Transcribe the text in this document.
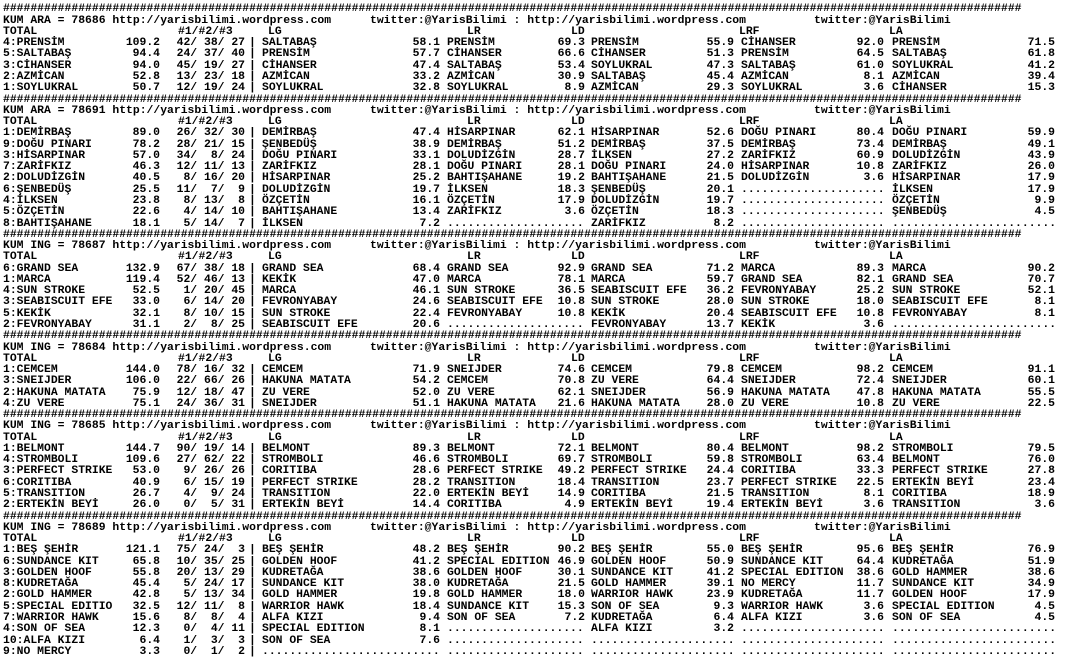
#####################################################################################################################################################
KUM ARA = 78686 http://yarisbilimi.wordpress.com	twitter:@YarisBilimi : http://yarisbilimi.wordpress.com	twitter:@YarisBilimi
TOTAL	#1/#2/#3	LG	LR	LD	LRF	LA
4:PRENSİM	109.2 42/ 38/ 27 | SALTABAŞ	58.1 PRENSİM	69.3 PRENSİM	55.9 CİHANSER	92.0 PRENSİM	71.5
5:SALTABAŞ	94.4 24/ 37/ 40 | PRENSİM	57.7 CİHANSER	66.6 CİHANSER	51.3 PRENSİM	64.5 SALTABAŞ	61.8
3:CİHANSER	94.0 45/ 19/ 27 | CİHANSER	47.4 SALTABAŞ	53.4 SOYLUKRAL	47.3 SALTABAŞ	61.0 SOYLUKRAL	41.2
2:AZMİCAN	52.8 13/ 23/ 18 | AZMİCAN	33.2 AZMİCAN	30.9 SALTABAŞ	45.4 AZMİCAN	8.1 AZMİCAN	39.4
1:SOYLUKRAL	50.7 12/ 19/ 24 | SOYLUKRAL	32.8 SOYLUKRAL	8.9 AZMİCAN	29.3 SOYLUKRAL	3.6 CİHANSER	15.3
#####################################################################################################################################################
KUM ARA = 78691 http://yarisbilimi.wordpress.com	twitter:@YarisBilimi : http://yarisbilimi.wordpress.com	twitter:@YarisBilimi
TOTAL	#1/#2/#3	LG	LR	LD	LRF	LA
1:DEMİRBAŞ	89.0 26/ 32/ 30 | DEMİRBAŞ	47.4 HİSARPINAR	62.1 HİSARPINAR	52.6 DOĞU PINARI	80.4 DOĞU PINARI	59.9
9:DOĞU PINARI	78.2 28/ 21/ 15 | ŞENBEDÜŞ	38.9 DEMİRBAŞ	51.2 DEMİRBAŞ	37.5 DEMİRBAŞ	73.4 DEMİRBAŞ	49.1
3:HİSARPINAR	57.0 34/  8/ 24 | DOĞU PINARI	33.1 DOLUDİZGİN	28.7 İLKSEN	27.2 ZARİFKIZ	60.9 DOLUDİZGİN	43.9
7:ZARİFKIZ	46.3 12/ 11/ 13 | ZARİFKIZ	28.1 DOĞU PINARI	28.1 DOĞU PINARI	24.0 HİSARPINAR	10.8 ZARİFKIZ	26.0
2:DOLUDİZGİN	40.5 8/ 16/ 20 | HİSARPINAR	25.2 BAHTIŞAHANE	19.2 BAHTIŞAHANE	21.5 DOLUDİZGİN	3.6 HİSARPINAR	17.9
6:ŞENBEDÜŞ	25.5 11/  7/  9 | DOLUDİZGİN	19.7 İLKSEN	18.3 ŞENBEDÜŞ	20.1 ..................... İLKSEN	17.9
4:İLKSEN	23.8 8/ 13/  8 | ÖZÇETİN	16.1 ÖZÇETİN	17.9 DOLUDİZGİN	19.7 ..................... ÖZÇETİN	9.9
5:ÖZÇETİN	22.6 4/ 14/ 10 | BAHTIŞAHANE	13.4 ZARİFKIZ	3.6 ÖZÇETİN	18.3 ..................... ŞENBEDÜŞ	4.5
8:BAHTIŞAHANE	18.1 5/ 14/  7 | İLKSEN	7.2 .................... ZARİFKIZ	8.2 ..................... ........................
#####################################################################################################################################################
KUM ING = 78687 http://yarisbilimi.wordpress.com	twitter:@YarisBilimi : http://yarisbilimi.wordpress.com	twitter:@YarisBilimi
TOTAL	#1/#2/#3	LG	LR	LD	LRF	LA
6:GRAND SEA	132.9 67/ 38/ 18 | GRAND SEA	68.4 GRAND SEA	92.9 GRAND SEA	71.2 MARCA	89.3 MARCA	90.2
1:MARCA	119.4 52/ 46/ 13 | KEKİK	47.0 MARCA	78.1 MARCA	59.7 GRAND SEA	82.1 GRAND SEA	70.7
4:SUN STROKE	52.5 1/ 20/ 45 | MARCA	46.1 SUN STROKE	36.5 SEABISCUIT EFE 36.2 FEVRONYABAY	25.2 SUN STROKE	52.1
3:SEABISCUIT EFE 33.0 6/ 14/ 20 | FEVRONYABAY	24.6 SEABISCUIT EFE 10.8 SUN STROKE	28.0 SUN STROKE	18.0 SEABISCUIT EFE	8.1
5:KEKİK	32.1 8/ 10/ 15 | SUN STROKE	22.4 FEVRONYABAY	10.8 KEKİK	20.4 SEABISCUIT EFE 10.8 FEVRONYABAY	8.1
2:FEVRONYABAY	31.1 2/  8/ 25 | SEABISCUIT EFE	20.6 .................... FEVRONYABAY	13.7 KEKİK	3.6 ........................
#####################################################################################################################################################
KUM ING = 78684 http://yarisbilimi.wordpress.com	twitter:@YarisBilimi : http://yarisbilimi.wordpress.com	twitter:@YarisBilimi
TOTAL	#1/#2/#3	LG	LR	LD	LRF	LA
1:CEMCEM	144.0 78/ 16/ 32 | CEMCEM	71.9 SNEIJDER	74.6 CEMCEM	79.8 CEMCEM	98.2 CEMCEM	91.1
3:SNEIJDER	106.0 22/ 66/ 26 | HAKUNA MATATA	54.2 CEMCEM	70.8 ZU VERE	64.4 SNEIJDER	72.4 SNEIJDER	60.1
2:HAKUNA MATATA 75.9 12/ 18/ 47 | ZU VERE	52.0 ZU VERE	62.1 SNEIJDER	56.9 HAKUNA MATATA 47.8 HAKUNA MATATA	55.5
4:ZU VERE	75.1 24/ 36/ 31 | SNEIJDER	51.1 HAKUNA MATATA 21.6 HAKUNA MATATA 28.0 ZU VERE	10.8 ZU VERE	22.5
#####################################################################################################################################################
KUM ING = 78685 http://yarisbilimi.wordpress.com	twitter:@YarisBilimi : http://yarisbilimi.wordpress.com	twitter:@YarisBilimi
TOTAL	#1/#2/#3	LG	LR	LD	LRF	LA
1:BELMONT	144.7 90/ 19/ 14 | BELMONT	89.3 BELMONT	72.1 BELMONT	80.4 BELMONT	98.2 STROMBOLI	79.5
4:STROMBOLI	109.6 27/ 62/ 22 | STROMBOLI	46.6 STROMBOLI	69.7 STROMBOLI	59.8 STROMBOLI	63.4 BELMONT	76.0
3:PERFECT STRIKE 53.0 9/ 26/ 26 | CORITIBA	28.6 PERFECT STRIKE 49.2 PERFECT STRIKE 24.4 CORITIBA	33.3 PERFECT STRIKE	27.8
6:CORITIBA	40.9 6/ 15/ 19 | PERFECT STRIKE	28.2 TRANSITION	18.4 TRANSITION	23.7 PERFECT STRIKE 22.5 ERTEKİN BEYİ	23.4
5:TRANSITION	26.7 4/  9/ 24 | TRANSITION	22.0 ERTEKİN BEYİ	14.9 CORITIBA	21.5 TRANSITION	8.1 CORITIBA	18.9
2:ERTEKİN BEYİ	26.0 0/  5/ 31 | ERTEKİN BEYİ	14.4 CORITIBA	4.9 ERTEKİN BEYİ	19.4 ERTEKİN BEYİ	3.6 TRANSITION	3.6
#####################################################################################################################################################
KUM ING = 78689 http://yarisbilimi.wordpress.com	twitter:@YarisBilimi : http://yarisbilimi.wordpress.com	twitter:@YarisBilimi
TOTAL	#1/#2/#3	LG	LR	LD	LRF	LA
1:BEŞ ŞEHİR	121.1 75/ 24/  3 | BEŞ ŞEHİR	48.2 BEŞ ŞEHİR	90.2 BEŞ ŞEHİR	55.0 BEŞ ŞEHİR	95.6 BEŞ ŞEHİR	76.9
6:SUNDANCE KIT	65.8 10/ 35/ 25 | GOLDEN HOOF	41.2 SPECIAL EDITION 46.9 GOLDEN HOOF	50.9 SUNDANCE KIT	64.4 KUDRETAĞA	51.9
3:GOLDEN HOOF	55.8 20/ 13/ 29 | KUDRETAĞA	38.6 GOLDEN HOOF	30.1 SUNDANCE KIT	41.2 SPECIAL EDITION 38.6 GOLD HAMMER	38.6
8:KUDRETAĞA	45.4 5/ 24/ 17 | SUNDANCE KIT	38.0 KUDRETAĞA	21.5 GOLD HAMMER	39.1 NO MERCY	11.7 SUNDANCE KIT	34.9
2:GOLD HAMMER	42.8 5/ 13/ 34 | GOLD HAMMER	19.8 GOLD HAMMER	18.0 WARRIOR HAWK	23.9 KUDRETAĞA	11.7 GOLDEN HOOF	17.9
5:SPECIAL EDITIO 32.5 12/ 11/  8 | WARRIOR HAWK	18.4 SUNDANCE KIT	15.3 SON OF SEA	9.3 WARRIOR HAWK	3.6 SPECIAL EDITION	4.5
7:WARRIOR HAWK	15.6 8/  8/  4 | ALFA KIZI	9.4 SON OF SEA	7.2 KUDRETAĞA	6.4 ALFA KIZI	3.6 SON OF SEA	4.5
4:SON OF SEA	12.3 0/  4/ 11 | SPECIAL EDITION	8.1 .................... ALFA KIZI	3.2 ..................... ........................
10:ALFA KIZI	6.4 1/  3/  3 | SON OF SEA	7.6 .................... ..................... ..................... ........................
9:NO MERCY	3.3 0/  1/  2 | .......................... .................... ..................... ..................... ........................
